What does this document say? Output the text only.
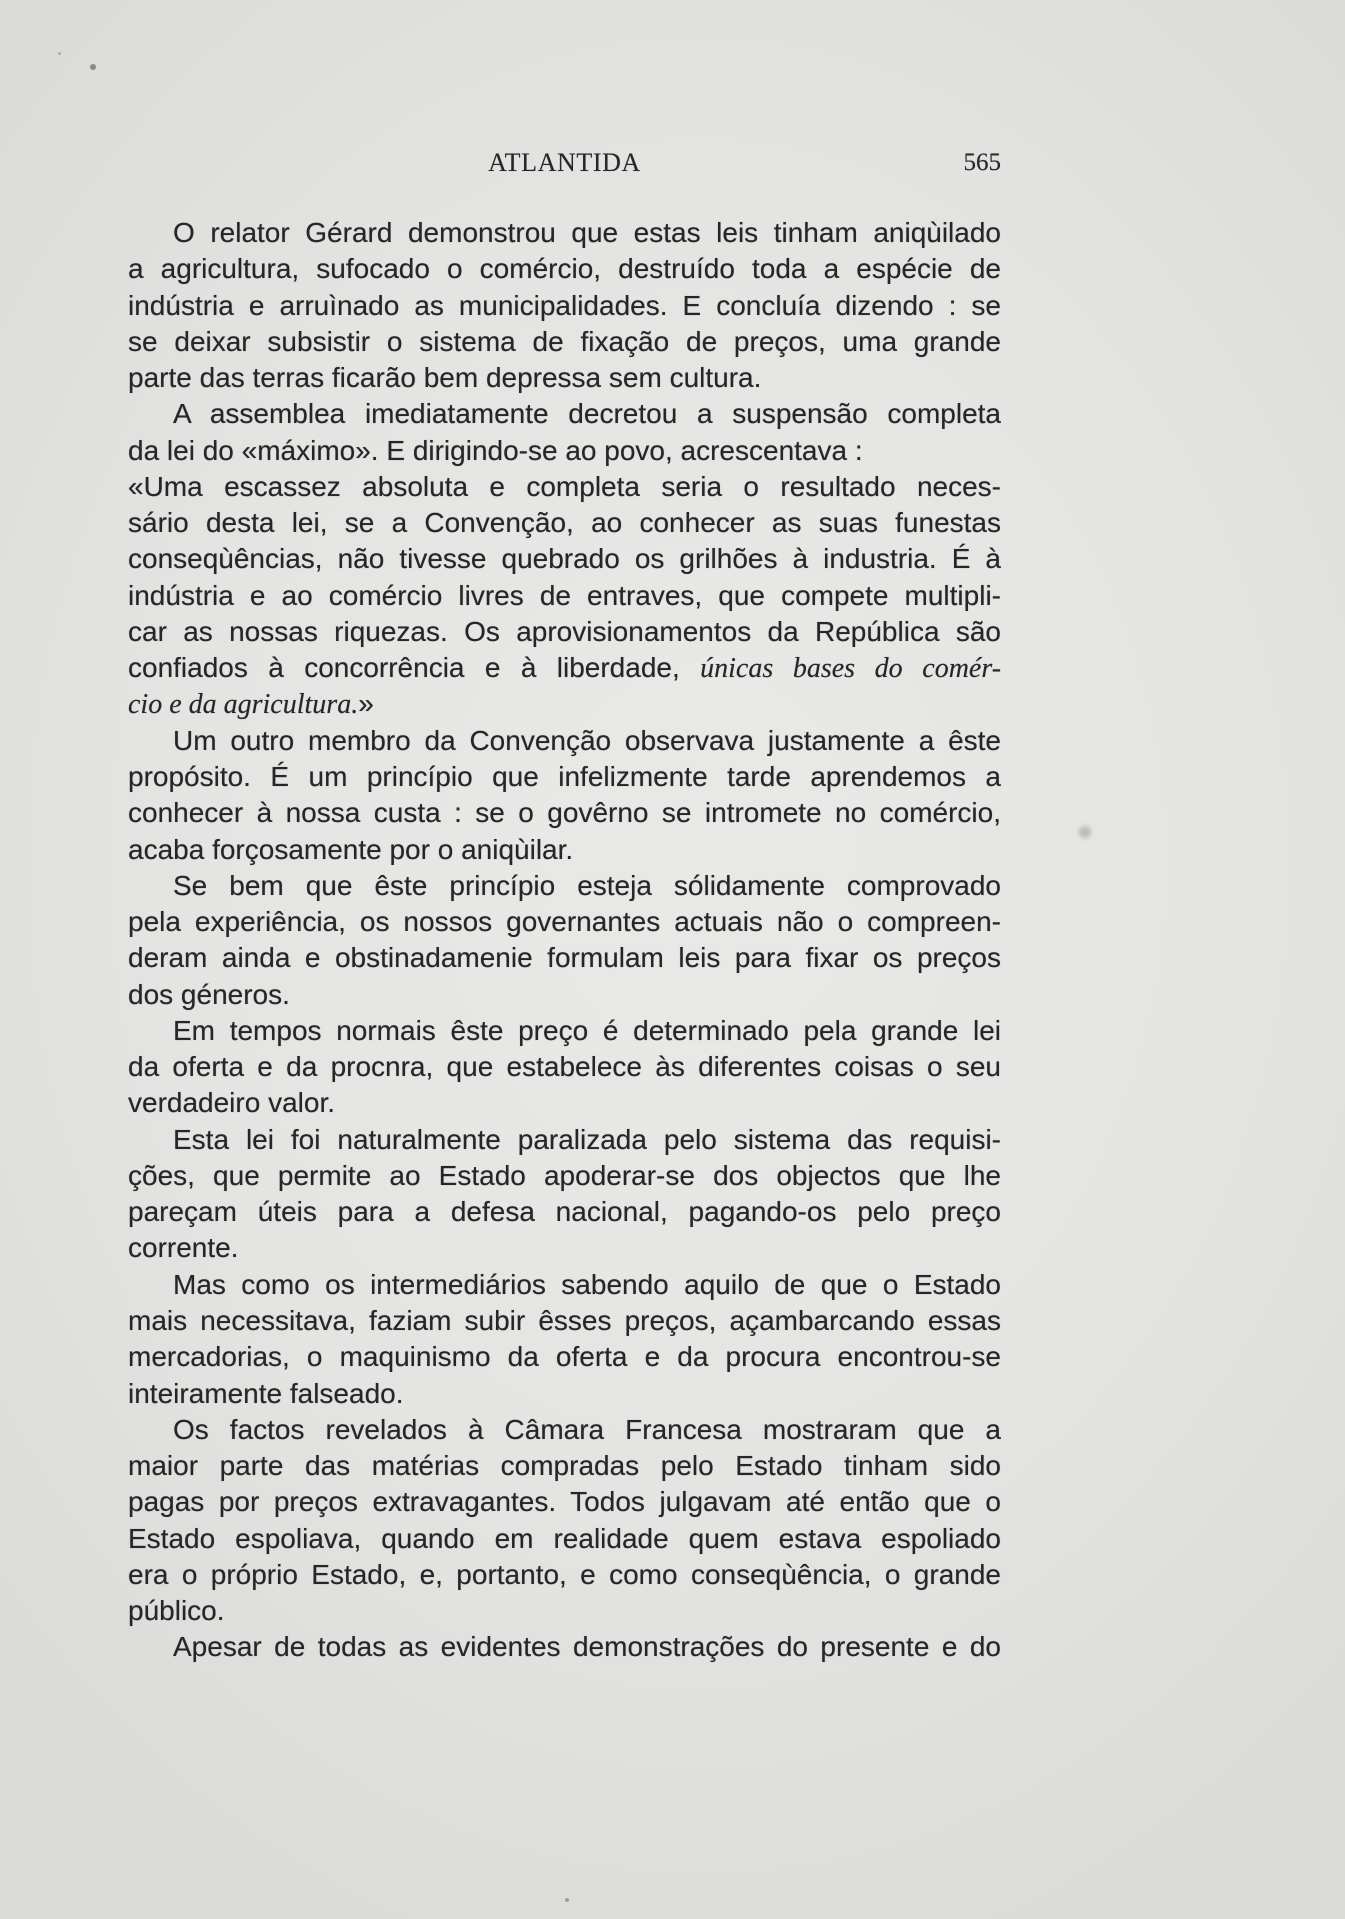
ATLANTIDA	565
O relator Gérard demonstrou que estas leis tinham aniqùilado
a agricultura, sufocado o comércio, destruído toda a espécie de
indústria e arruìnado as municipalidades. E concluía dizendo : se
se deixar subsistir o sistema de fixação de preços, uma grande
parte das terras ficarão bem depressa sem cultura.
A assemblea imediatamente decretou a suspensão completa
da lei do «máximo». E dirigindo-se ao povo, acrescentava :
«Uma escassez absoluta e completa seria o resultado neces-
sário desta lei, se a Convenção, ao conhecer as suas funestas
conseqùências, não tivesse quebrado os grilhões à industria. É à
indústria e ao comércio livres de entraves, que compete multipli-
car as nossas riquezas. Os aprovisionamentos da República são
confiados à concorrência e à liberdade, únicas bases do comér-
cio e da agricultura.»
Um outro membro da Convenção observava justamente a êste
propósito. É um princípio que infelizmente tarde aprendemos a
conhecer à nossa custa : se o govêrno se intromete no comércio,
acaba forçosamente por o aniqùilar.
Se bem que êste princípio esteja sólidamente comprovado
pela experiência, os nossos governantes actuais não o compreen-
deram ainda e obstinadamenie formulam leis para fixar os preços
dos géneros.
Em tempos normais êste preço é determinado pela grande lei
da oferta e da procnra, que estabelece às diferentes coisas o seu
verdadeiro valor.
Esta lei foi naturalmente paralizada pelo sistema das requisi-
ções, que permite ao Estado apoderar-se dos objectos que lhe
pareçam úteis para a defesa nacional, pagando-os pelo preço
corrente.
Mas como os intermediários sabendo aquilo de que o Estado
mais necessitava, faziam subir êsses preços, açambarcando essas
mercadorias, o maquinismo da oferta e da procura encontrou-se
inteiramente falseado.
Os factos revelados à Câmara Francesa mostraram que a
maior parte das matérias compradas pelo Estado tinham sido
pagas por preços extravagantes. Todos julgavam até então que o
Estado espoliava, quando em realidade quem estava espoliado
era o próprio Estado, e, portanto, e como conseqùência, o grande
público.
Apesar de todas as evidentes demonstrações do presente e do
